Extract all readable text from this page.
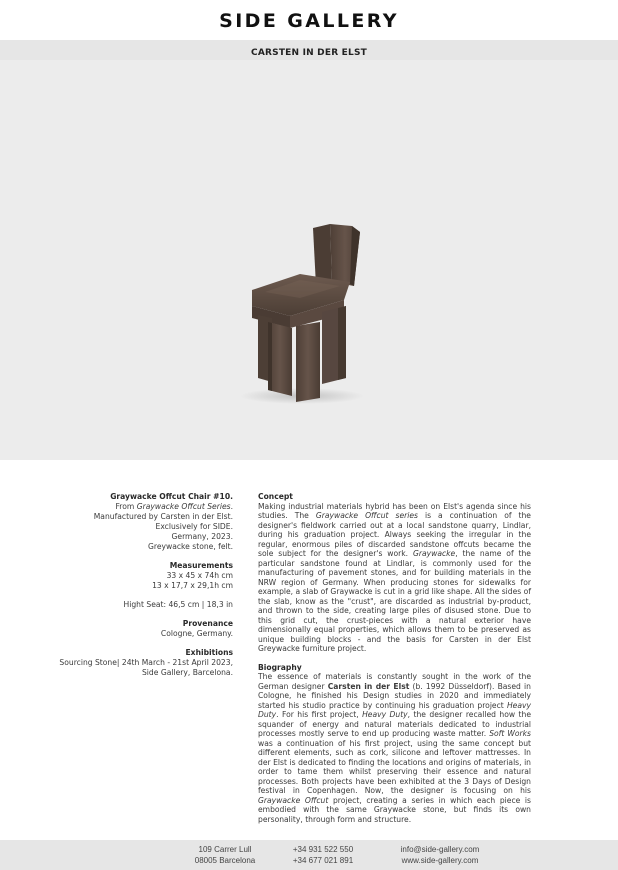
SIDE GALLERY
CARSTEN IN DER ELST
Graywacke Offcut Chair #10.
From Graywacke Offcut Series.
Manufactured by Carsten in der Elst.
Exclusively for SIDE.
Germany, 2023.
Greywacke stone, felt.
Measurements
33 x 45 x 74h cm
13 x 17,7 x 29,1h cm
Hight Seat: 46,5 cm | 18,3 in
Provenance
Cologne, Germany.
Exhibitions
Sourcing Stone| 24th March - 21st April 2023,
Side Gallery, Barcelona.
Concept

Making industrial materials hybrid has been on Elst's agenda since his studies. The Graywacke Offcut series is a continuation of the designer's fieldwork carried out at a local sandstone quarry, Lindlar, during his graduation project. Always seeking the irregular in the regular, enormous piles of discarded sandstone offcuts became the sole subject for the designer's work. Graywacke, the name of the particular sandstone found at Lindlar, is commonly used for the manufacturing of pavement stones, and for building materials in the NRW region of Germany. When producing stones for sidewalks for example, a slab of Graywacke is cut in a grid like shape. All the sides of the slab, know as the "crust", are discarded as industrial by-product, and thrown to the side, creating large piles of disused stone. Due to this grid cut, the crust-pieces with a natural exterior have dimensionally equal properties, which allows them to be preserved as unique building blocks - and the basis for Carsten in der Elst Greywacke furniture project.

Biography

The essence of materials is constantly sought in the work of the German designer Carsten in der Elst (b. 1992 Düsseldorf). Based in Cologne, he finished his Design studies in 2020 and immediately started his studio practice by continuing his graduation project Heavy Duty. For his first project, Heavy Duty, the designer recalled how the squander of energy and natural materials dedicated to industrial processes mostly serve to end up producing waste matter. Soft Works was a continuation of his first project, using the same concept but different elements, such as cork, silicone and leftover mattresses. In der Elst is dedicated to finding the locations and origins of materials, in order to tame them whilst preserving their essence and natural processes. Both projects have been exhibited at the 3 Days of Design festival in Copenhagen. Now, the designer is focusing on his Graywacke Offcut project, creating a series in which each piece is embodied with the same Graywacke stone, but finds its own personality, through form and structure.

109 Carrer Lull
08005 Barcelona
+34 931 522 550
+34 677 021 891
info@side-gallery.com
www.side-gallery.com
